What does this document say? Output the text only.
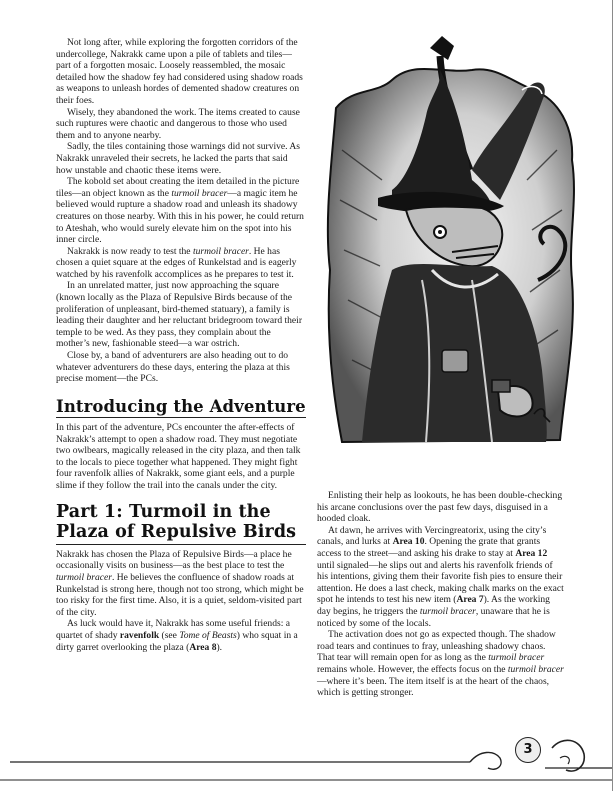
Not long after, while exploring the forgotten corridors of the undercollege, Nakrakk came upon a pile of tablets and tiles—part of a forgotten mosaic. Loosely reassembled, the mosaic detailed how the shadow fey had considered using shadow roads as weapons to unleash hordes of demented shadow creatures on their foes.

Wisely, they abandoned the work. The items created to cause such ruptures were chaotic and dangerous to those who used them and to anyone nearby.

Sadly, the tiles containing those warnings did not survive. As Nakrakk unraveled their secrets, he lacked the parts that said how unstable and chaotic these items were.

The kobold set about creating the item detailed in the picture tiles—an object known as the turmoil bracer—a magic item he believed would rupture a shadow road and unleash its shadowy creatures on those nearby. With this in his power, he could return to Ateshah, who would surely elevate him on the spot into his inner circle.

Nakrakk is now ready to test the turmoil bracer. He has chosen a quiet square at the edges of Runkelstad and is eagerly watched by his ravenfolk accomplices as he prepares to test it.

In an unrelated matter, just now approaching the square (known locally as the Plaza of Repulsive Birds because of the proliferation of unpleasant, bird-themed statuary), a family is leading their daughter and her reluctant bridegroom toward their temple to be wed. As they pass, they complain about the mother’s new, fashionable steed—a war ostrich.

Close by, a band of adventurers are also heading out to do whatever adventurers do these days, entering the plaza at this precise moment—the PCs.

Introducing the Adventure

In this part of the adventure, PCs encounter the after-effects of Nakrakk’s attempt to open a shadow road. They must negotiate two owlbears, magically released in the city plaza, and then talk to the locals to piece together what happened. They might fight four ravenfolk allies of Nakrakk, some giant eels, and a purple slime if they follow the trail into the canals under the city.

Part 1: Turmoil in the Plaza of Repulsive Birds

Nakrakk has chosen the Plaza of Repulsive Birds—a place he occasionally visits on business—as the best place to test the turmoil bracer. He believes the confluence of shadow roads at Runkelstad is strong here, though not too strong, which might be too risky for the first time. Also, it is a quiet, seldom-visited part of the city.

As luck would have it, Nakrakk has some useful friends: a quartet of shady ravenfolk (see Tome of Beasts) who squat in a dirty garret overlooking the plaza (Area 8).

Enlisting their help as lookouts, he has been double-checking his arcane conclusions over the past few days, disguised in a hooded cloak.

At dawn, he arrives with Vercingreatorix, using the city’s canals, and lurks at Area 10. Opening the grate that grants access to the street—and asking his drake to stay at Area 12 until signaled—he slips out and alerts his ravenfolk friends of his intentions, giving them their favorite fish pies to ensure their attention. He does a last check, making chalk marks on the exact spot he intends to test his new item (Area 7). As the working day begins, he triggers the turmoil bracer, unaware that he is noticed by some of the locals.

The activation does not go as expected though. The shadow road tears and continues to fray, unleashing shadowy chaos. That tear will remain open for as long as the turmoil bracer remains whole. However, the effects focus on the turmoil bracer—where it’s been. The item itself is at the heart of the chaos, which is getting stronger.

3
